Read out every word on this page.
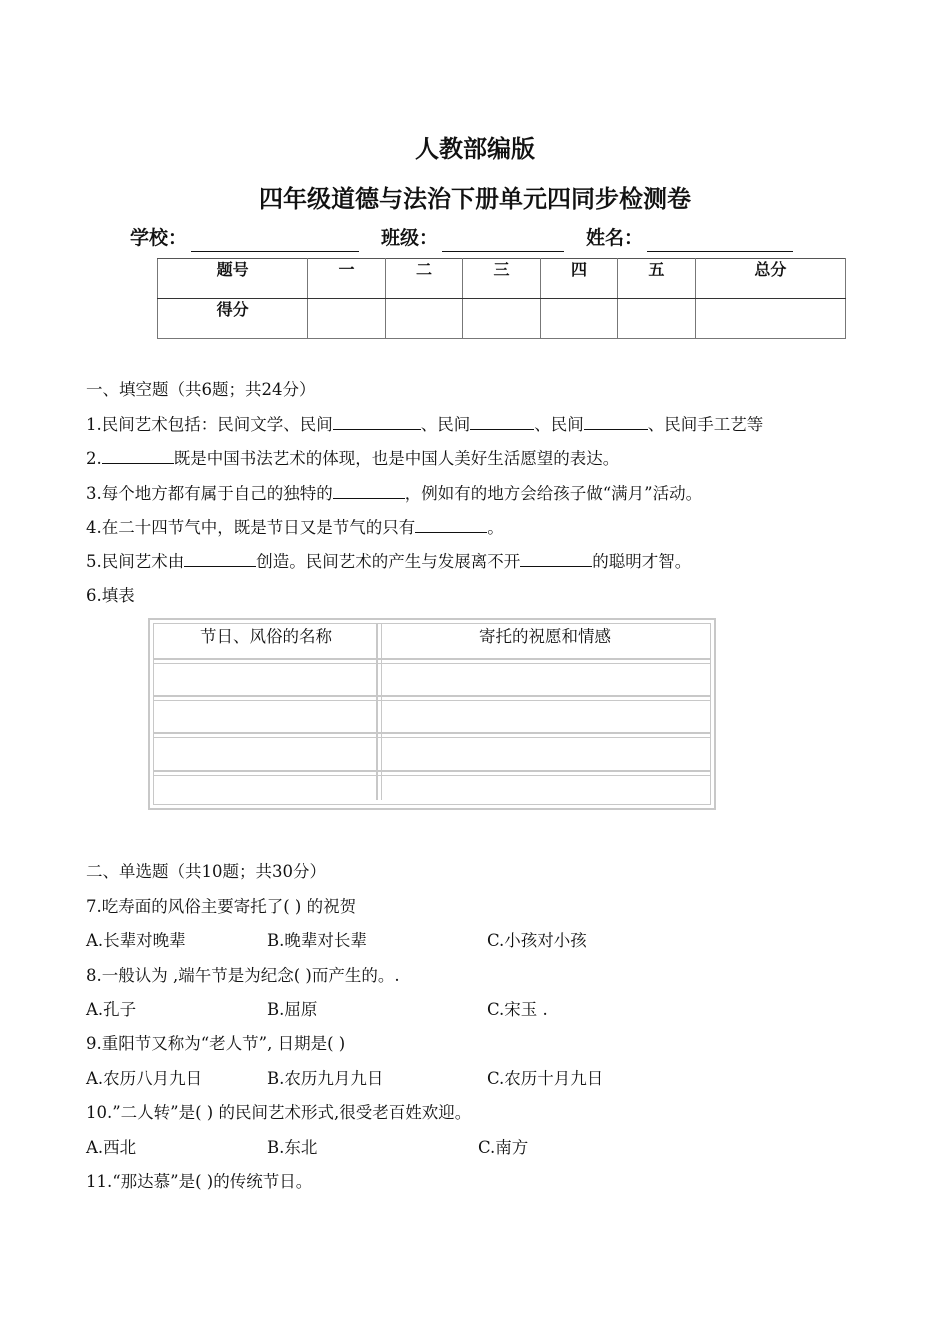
人教部编版
四年级道德与法治下册单元四同步检测卷
学校：	班级：	姓名：
题号	一	二	三	四	五	总分
得分						
一、填空题（共6题；共24分）
1.民间艺术包括：民间文学、民间	、民间	、民间	、民间手工艺等
2.	既是中国书法艺术的体现，也是中国人美好生活愿望的表达。
3.每个地方都有属于自己的独特的	，例如有的地方会给孩子做“满月”活动。
4.在二十四节气中，既是节日又是节气的只有	。
5.民间艺术由	创造。民间艺术的产生与发展离不开	的聪明才智。
6.填表
节日、风俗的名称	寄托的祝愿和情感
二、单选题（共10题；共30分）
7.吃寿面的风俗主要寄托了( ) 的祝贺
A.长辈对晚辈	B.晚辈对长辈	C.小孩对小孩
8.一般认为 ,端午节是为纪念( )而产生的。.
A.孔子	B.屈原	C.宋玉 .
9.重阳节又称为“老人节”, 日期是( )
A.农历八月九日	B.农历九月九日	C.农历十月九日
10.”二人转”是( ) 的民间艺术形式,很受老百姓欢迎。
A.西北	B.东北	C.南方
11.“那达慕”是( )的传统节日。
